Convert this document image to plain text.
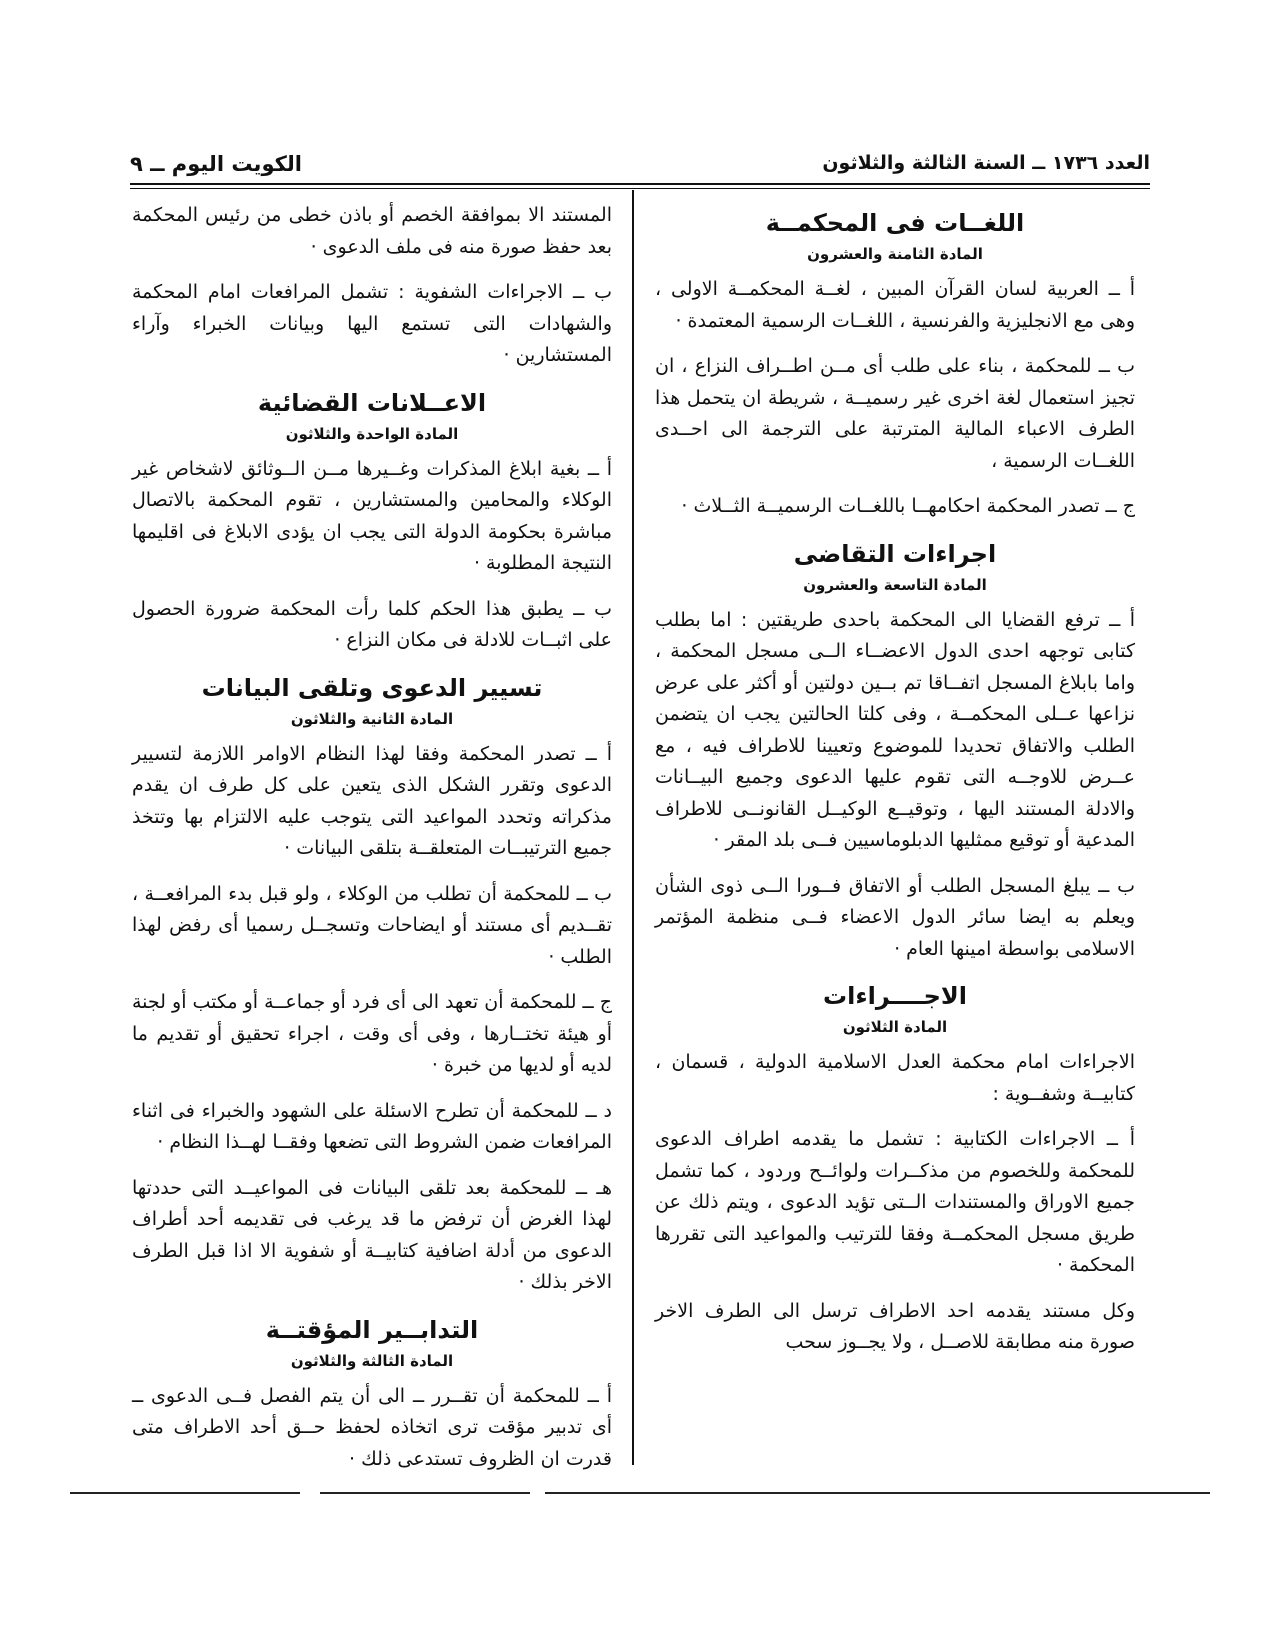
العدد ١٧٣٦ ــ السنة الثالثة والثلاثون
الكويت اليوم ــ ٩
اللغــات فى المحكمــة
المادة الثامنة والعشرون

أ ــ العربية لسان القرآن المبين ، لغــة المحكمــة الاولى ، وهى مع الانجليزية والفرنسية ، اللغــات الرسمية المعتمدة ·

ب ــ للمحكمة ، بناء على طلب أى مــن اطــراف النزاع ، ان تجيز استعمال لغة اخرى غير رسميــة ، شريطة ان يتحمل هذا الطرف الاعباء المالية المترتبة على الترجمة الى احــدى اللغــات الرسمية ،

ج ــ تصدر المحكمة احكامهــا باللغــات الرسميــة الثــلاث ·

اجراءات التقاضى
المادة التاسعة والعشرون

أ ــ ترفع القضايا الى المحكمة باحدى طريقتين : اما بطلب كتابى توجهه احدى الدول الاعضــاء الــى مسجل المحكمة ، واما بابلاغ المسجل اتفــاقا تم بــين دولتين أو أكثر على عرض نزاعها عــلى المحكمــة ، وفى كلتا الحالتين يجب ان يتضمن الطلب والاتفاق تحديدا للموضوع وتعيينا للاطراف فيه ، مع عــرض للاوجــه التى تقوم عليها الدعوى وجميع البيــانات والادلة المستند اليها ، وتوقيــع الوكيــل القانونــى للاطراف المدعية أو توقيع ممثليها الدبلوماسيين فــى بلد المقر ·

ب ــ يبلغ المسجل الطلب أو الاتفاق فــورا الــى ذوى الشأن ويعلم به ايضا سائر الدول الاعضاء فــى منظمة المؤتمر الاسلامى بواسطة امينها العام ·

الاجــــراءات
المادة الثلاثون

الاجراءات امام محكمة العدل الاسلامية الدولية ، قسمان ، كتابيــة وشفــوية :

أ ــ الاجراءات الكتابية : تشمل ما يقدمه اطراف الدعوى للمحكمة وللخصوم من مذكــرات ولوائــح وردود ، كما تشمل جميع الاوراق والمستندات الــتى تؤيد الدعوى ، ويتم ذلك عن طريق مسجل المحكمــة وفقا للترتيب والمواعيد التى تقررها المحكمة ·

وكل مستند يقدمه احد الاطراف ترسل الى الطرف الاخر صورة منه مطابقة للاصــل ، ولا يجــوز سحب

المستند الا بموافقة الخصم أو باذن خطى من رئيس المحكمة بعد حفظ صورة منه فى ملف الدعوى ·

ب ــ الاجراءات الشفوية : تشمل المرافعات امام المحكمة والشهادات التى تستمع اليها وبيانات الخبراء وآراء المستشارين ·

الاعــلانات القضائية
المادة الواحدة والثلاثون

أ ــ بغية ابلاغ المذكرات وغــيرها مــن الــوثائق لاشخاص غير الوكلاء والمحامين والمستشارين ، تقوم المحكمة بالاتصال مباشرة بحكومة الدولة التى يجب ان يؤدى الابلاغ فى اقليمها النتيجة المطلوبة ·

ب ــ يطبق هذا الحكم كلما رأت المحكمة ضرورة الحصول على اثبــات للادلة فى مكان النزاع ·

تسيير الدعوى وتلقى البيانات
المادة الثانية والثلاثون

أ ــ تصدر المحكمة وفقا لهذا النظام الاوامر اللازمة لتسيير الدعوى وتقرر الشكل الذى يتعين على كل طرف ان يقدم مذكراته وتحدد المواعيد التى يتوجب عليه الالتزام بها وتتخذ جميع الترتيبــات المتعلقــة بتلقى البيانات ·

ب ــ للمحكمة أن تطلب من الوكلاء ، ولو قبل بدء المرافعــة ، تقــديم أى مستند أو ايضاحات وتسجــل رسميا أى رفض لهذا الطلب ·

ج ــ للمحكمة أن تعهد الى أى فرد أو جماعــة أو مكتب أو لجنة أو هيئة تختــارها ، وفى أى وقت ، اجراء تحقيق أو تقديم ما لديه أو لديها من خبرة ·

د ــ للمحكمة أن تطرح الاسئلة على الشهود والخبراء فى اثناء المرافعات ضمن الشروط التى تضعها وفقــا لهــذا النظام ·

هـ ــ للمحكمة بعد تلقى البيانات فى المواعيــد التى حددتها لهذا الغرض أن ترفض ما قد يرغب فى تقديمه أحد أطراف الدعوى من أدلة اضافية كتابيــة أو شفوية الا اذا قبل الطرف الاخر بذلك ·

التدابــير المؤقتــة
المادة الثالثة والثلاثون

أ ــ للمحكمة أن تقــرر ــ الى أن يتم الفصل فــى الدعوى ــ أى تدبير مؤقت ترى اتخاذه لحفظ حــق أحد الاطراف متى قدرت ان الظروف تستدعى ذلك ·
